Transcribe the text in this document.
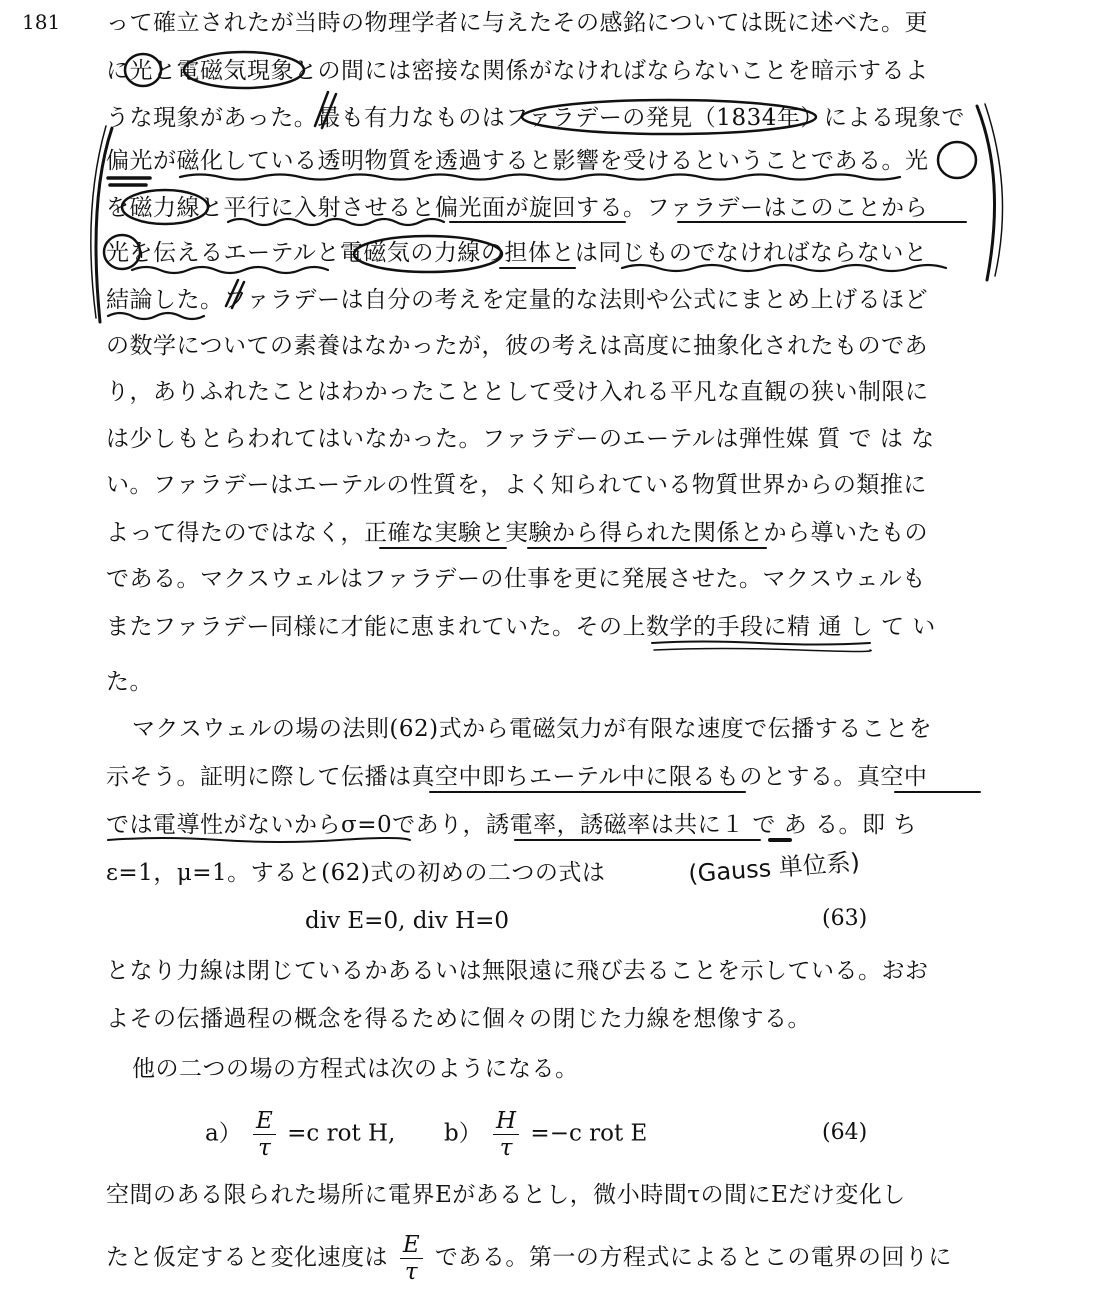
181 って確立されたが当時の物理学者に与えたその感銘については既に述べた。更
に光と電磁気現象との間には密接な関係がなければならないことを暗示するよ
うな現象があった。最も有力なものはファラデーの発見（1834年）による現象で
偏光が磁化している透明物質を透過すると影響を受けるということである。光
を磁力線と平行に入射させると偏光面が旋回する。ファラデーはこのことから
光を伝えるエーテルと電磁気の力線の担体とは同じものでなければならないと
結論した。ファラデーは自分の考えを定量的な法則や公式にまとめ上げるほど
の数学についての素養はなかったが，彼の考えは高度に抽象化されたものであ
り，ありふれたことはわかったこととして受け入れる平凡な直観の狭い制限に
は少しもとらわれてはいなかった。ファラデーのエーテルは弾性媒 質 で は な
い。ファラデーはエーテルの性質を，よく知られている物質世界からの類推に
よって得たのではなく，正確な実験と実験から得られた関係とから導いたもの
である。マクスウェルはファラデーの仕事を更に発展させた。マクスウェルも
またファラデー同様に才能に恵まれていた。その上数学的手段に精 通 し て い
た。
マクスウェルの場の法則(62)式から電磁気力が有限な速度で伝播することを
示そう。証明に際して伝播は真空中即ちエーテル中に限るものとする。真空中
では電導性がないからσ=0であり，誘電率，誘磁率は共に１ で あ る。即 ち
ε=1，μ=1。すると(62)式の初めの二つの式は
div E=0, div H=0	(63)
となり力線は閉じているかあるいは無限遠に飛び去ることを示している。おお
よその伝播過程の概念を得るために個々の閉じた力線を想像する。
他の二つの場の方程式は次のようになる。
$a) \frac{E}{\tau} =c$ rot H, $b) \frac{H}{\tau} =-c$ rot E	(64)
空間のある限られた場所に電界Eがあるとし，微小時間τの間にEだけ変化し
たと仮定すると変化速度は $\frac{E}{\tau}$ である。第一の方程式によるとこの電界の回りに
(Gauss 単位系)
